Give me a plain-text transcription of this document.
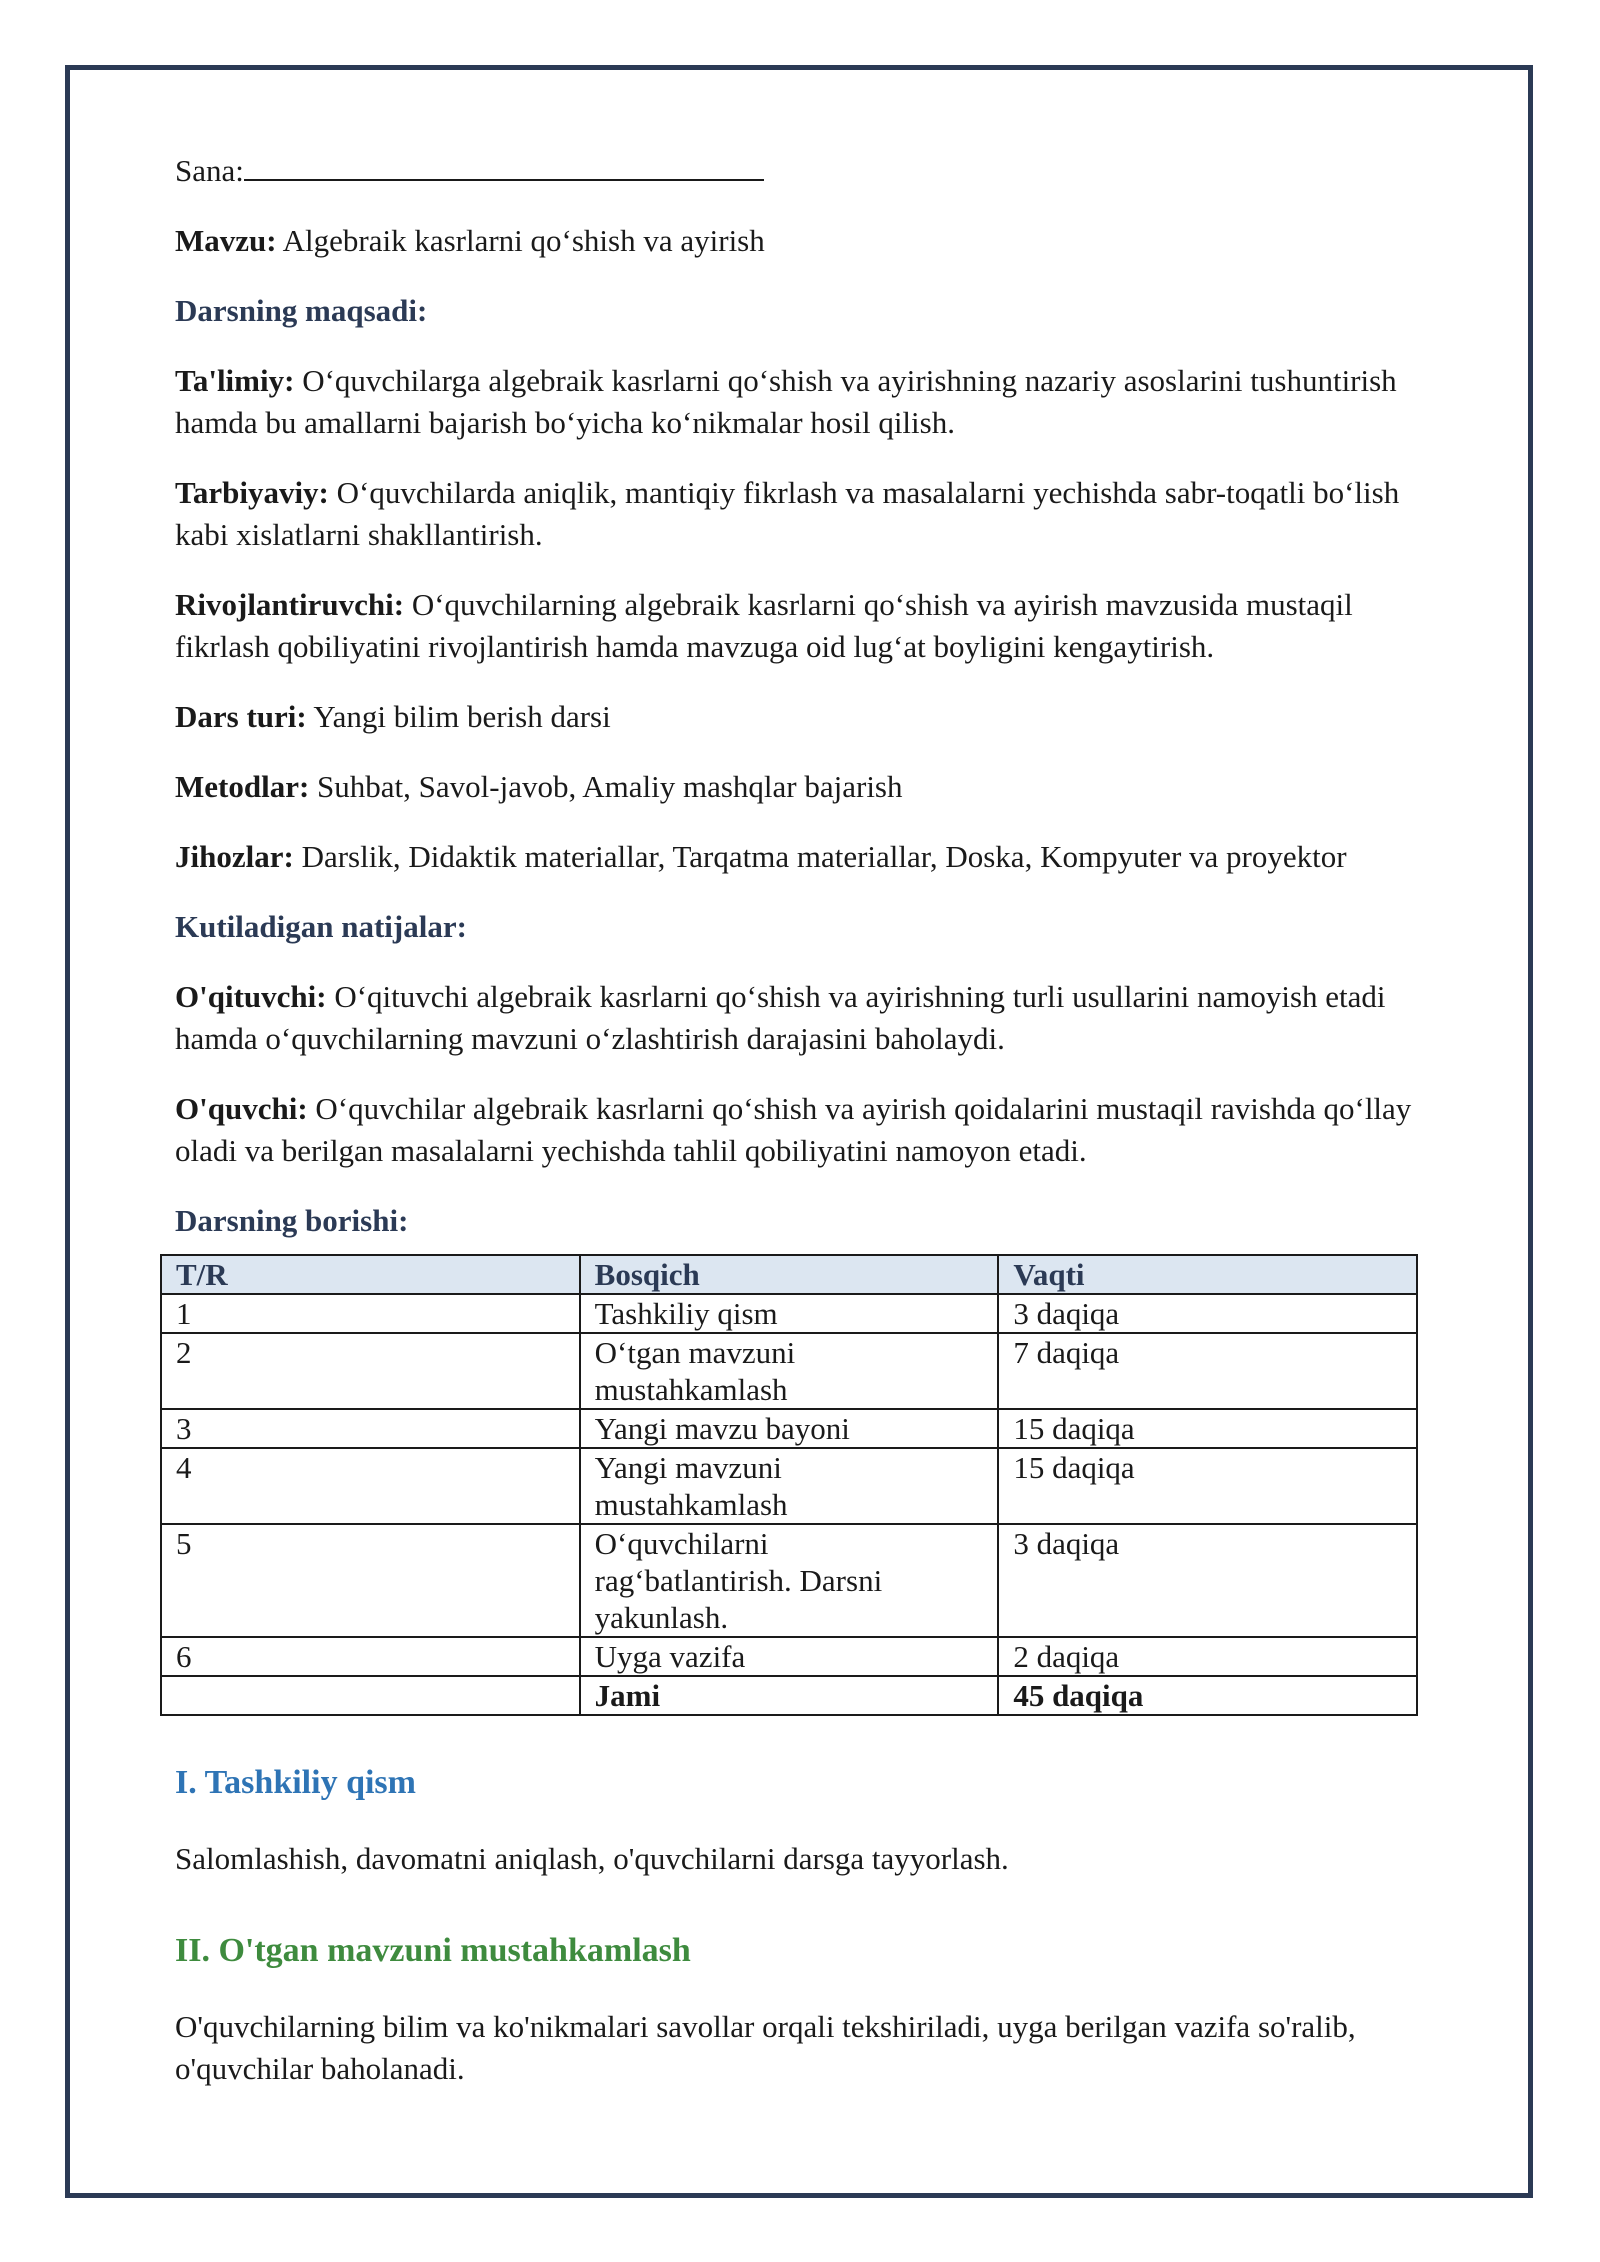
Sana:

Mavzu: Algebraik kasrlarni qo‘shish va ayirish

Darsning maqsadi:

Ta'limiy: O‘quvchilarga algebraik kasrlarni qo‘shish va ayirishning nazariy asoslarini tushuntirish hamda bu amallarni bajarish bo‘yicha ko‘nikmalar hosil qilish.

Tarbiyaviy: O‘quvchilarda aniqlik, mantiqiy fikrlash va masalalarni yechishda sabr-toqatli bo‘lish kabi xislatlarni shakllantirish.

Rivojlantiruvchi: O‘quvchilarning algebraik kasrlarni qo‘shish va ayirish mavzusida mustaqil fikrlash qobiliyatini rivojlantirish hamda mavzuga oid lug‘at boyligini kengaytirish.

Dars turi: Yangi bilim berish darsi

Metodlar: Suhbat, Savol-javob, Amaliy mashqlar bajarish

Jihozlar: Darslik, Didaktik materiallar, Tarqatma materiallar, Doska, Kompyuter va proyektor

Kutiladigan natijalar:

O'qituvchi: O‘qituvchi algebraik kasrlarni qo‘shish va ayirishning turli usullarini namoyish etadi hamda o‘quvchilarning mavzuni o‘zlashtirish darajasini baholaydi.

O'quvchi: O‘quvchilar algebraik kasrlarni qo‘shish va ayirish qoidalarini mustaqil ravishda qo‘llay oladi va berilgan masalalarni yechishda tahlil qobiliyatini namoyon etadi.

Darsning borishi:

T/R	Bosqich	Vaqti
1	Tashkiliy qism	3 daqiqa
2	O‘tgan mavzuni mustahkamlash	7 daqiqa
3	Yangi mavzu bayoni	15 daqiqa
4	Yangi mavzuni mustahkamlash	15 daqiqa
5	O‘quvchilarni rag‘batlantirish. Darsni yakunlash.	3 daqiqa
6	Uyga vazifa	2 daqiqa
	Jami	45 daqiqa

I. Tashkiliy qism

Salomlashish, davomatni aniqlash, o'quvchilarni darsga tayyorlash.

II. O'tgan mavzuni mustahkamlash

O'quvchilarning bilim va ko'nikmalari savollar orqali tekshiriladi, uyga berilgan vazifa so'ralib, o'quvchilar baholanadi.
